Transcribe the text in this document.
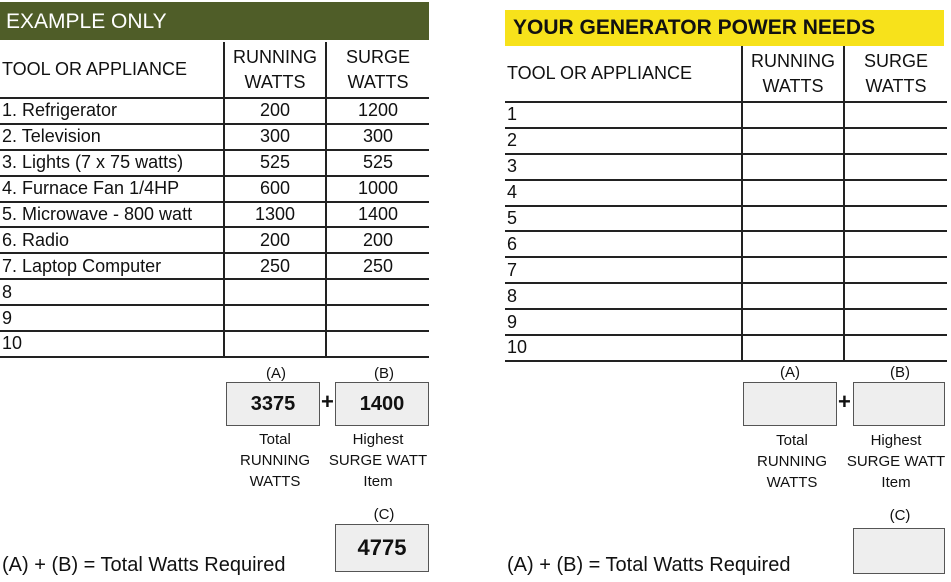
EXAMPLE ONLY
TOOL OR APPLIANCE	RUNNING WATTS	SURGE WATTS
1. Refrigerator	200	1200
2. Television	300	300
3. Lights (7 x 75 watts)	525	525
4. Furnace Fan 1/4HP	600	1000
5. Microwave - 800 watt	1300	1400
6. Radio	200	200
7. Laptop Computer	250	250
8		
9		
10		
(A)	(B)
3375	+	1400
Total
RUNNING
WATTS
Highest
SURGE WATT
Item
(C)
4775
(A) + (B) = Total Watts Required
YOUR GENERATOR POWER NEEDS
TOOL OR APPLIANCE	RUNNING WATTS	SURGE WATTS
1		
2		
3		
4		
5		
6		
7		
8		
9		
10		
(A)	(B)
+
Total
RUNNING
WATTS
Highest
SURGE WATT
Item
(C)
(A) + (B) = Total Watts Required
